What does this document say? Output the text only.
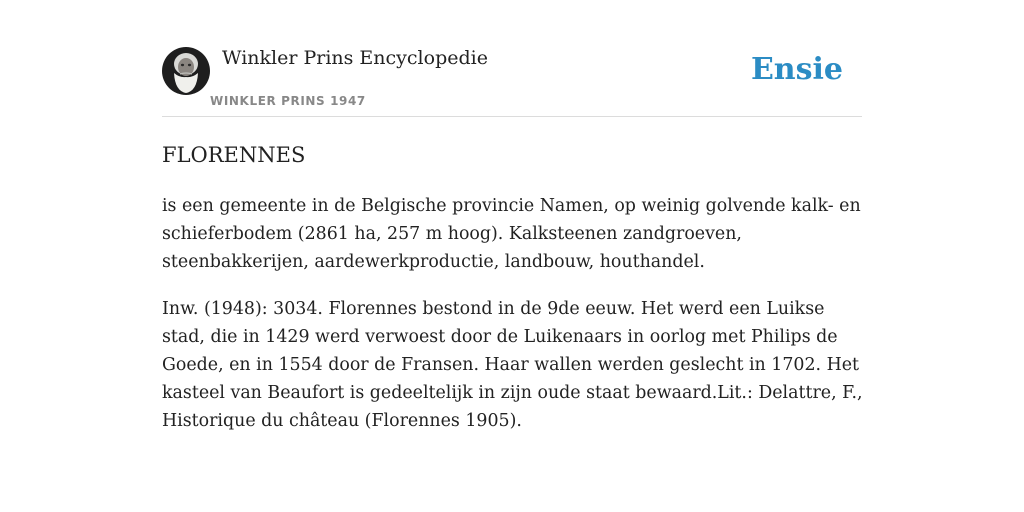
Winkler Prins Encyclopedie
WINKLER PRINS 1947
Ensie
FLORENNES

is een gemeente in de Belgische provincie Namen, op weinig golvende kalk- en schieferbodem (2861 ha, 257 m hoog). Kalksteenen zandgroeven, steenbakkerijen, aardewerkproductie, landbouw, houthandel.

Inw. (1948): 3034. Florennes bestond in de 9de eeuw. Het werd een Luikse stad, die in 1429 werd verwoest door de Luikenaars in oorlog met Philips de Goede, en in 1554 door de Fransen. Haar wallen werden geslecht in 1702. Het kasteel van Beaufort is gedeeltelijk in zijn oude staat bewaard.Lit.: Delattre, F., Historique du château (Florennes 1905).
